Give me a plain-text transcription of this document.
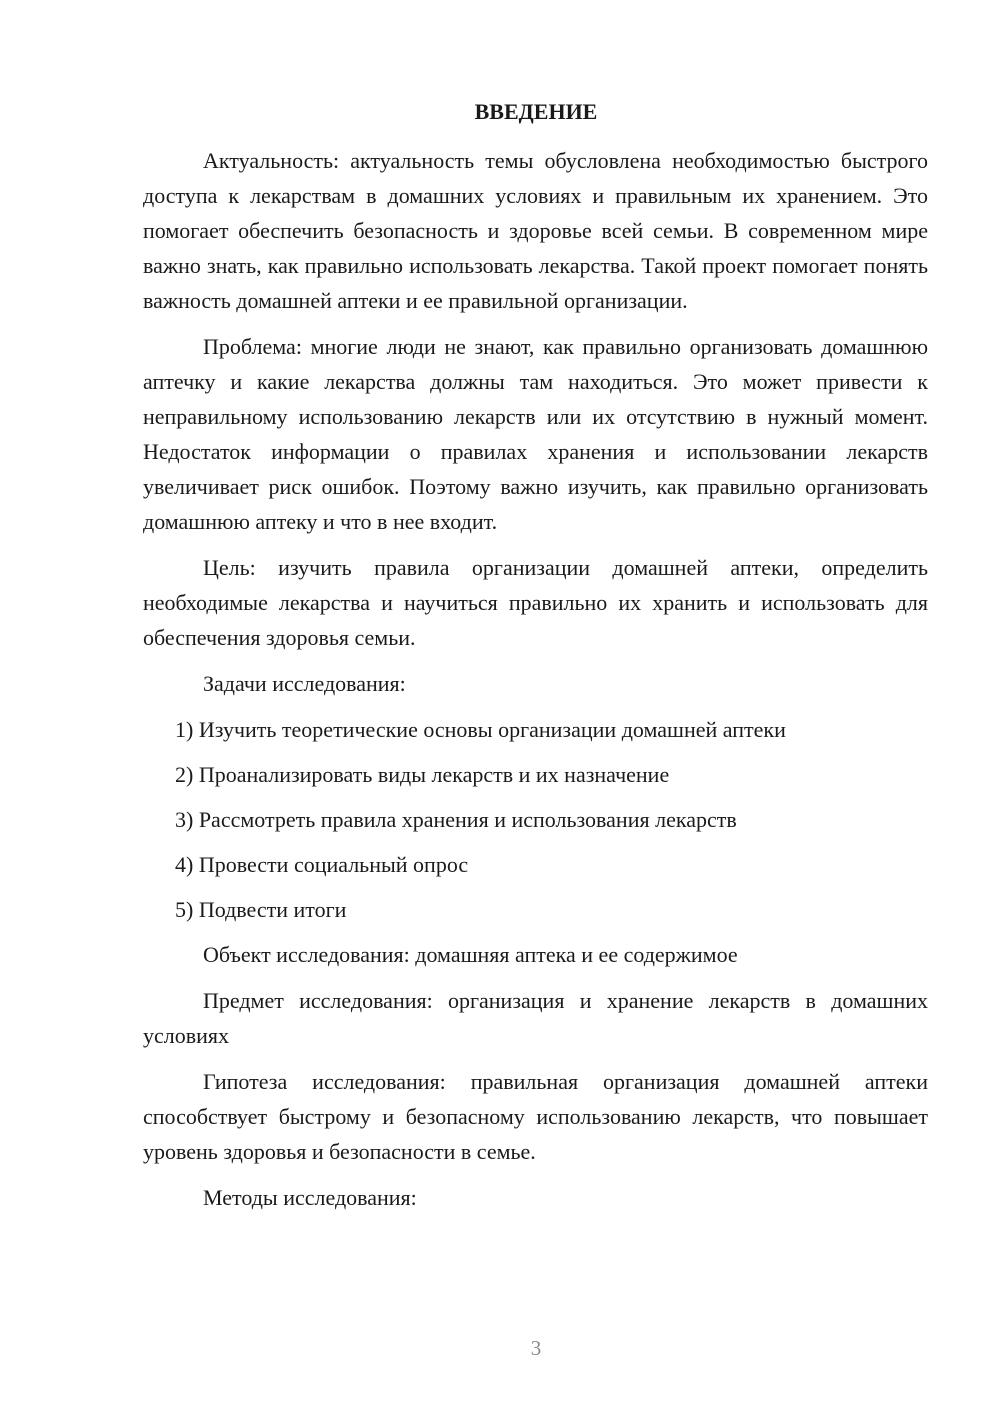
ВВЕДЕНИЕ

Актуальность: актуальность темы обусловлена необходимостью быстрого доступа к лекарствам в домашних условиях и правильным их хранением. Это помогает обеспечить безопасность и здоровье всей семьи. В современном мире важно знать, как правильно использовать лекарства. Такой проект помогает понять важность домашней аптеки и ее правильной организации.

Проблема: многие люди не знают, как правильно организовать домашнюю аптечку и какие лекарства должны там находиться. Это может привести к неправильному использованию лекарств или их отсутствию в нужный момент. Недостаток информации о правилах хранения и использовании лекарств увеличивает риск ошибок. Поэтому важно изучить, как правильно организовать домашнюю аптеку и что в нее входит.

Цель: изучить правила организации домашней аптеки, определить необходимые лекарства и научиться правильно их хранить и использовать для обеспечения здоровья семьи.

Задачи исследования:

1) Изучить теоретические основы организации домашней аптеки
2) Проанализировать виды лекарств и их назначение
3) Рассмотреть правила хранения и использования лекарств
4) Провести социальный опрос
5) Подвести итоги

Объект исследования: домашняя аптека и ее содержимое

Предмет исследования: организация и хранение лекарств в домашних условиях

Гипотеза исследования: правильная организация домашней аптеки способствует быстрому и безопасному использованию лекарств, что повышает уровень здоровья и безопасности в семье.

Методы исследования:

3
